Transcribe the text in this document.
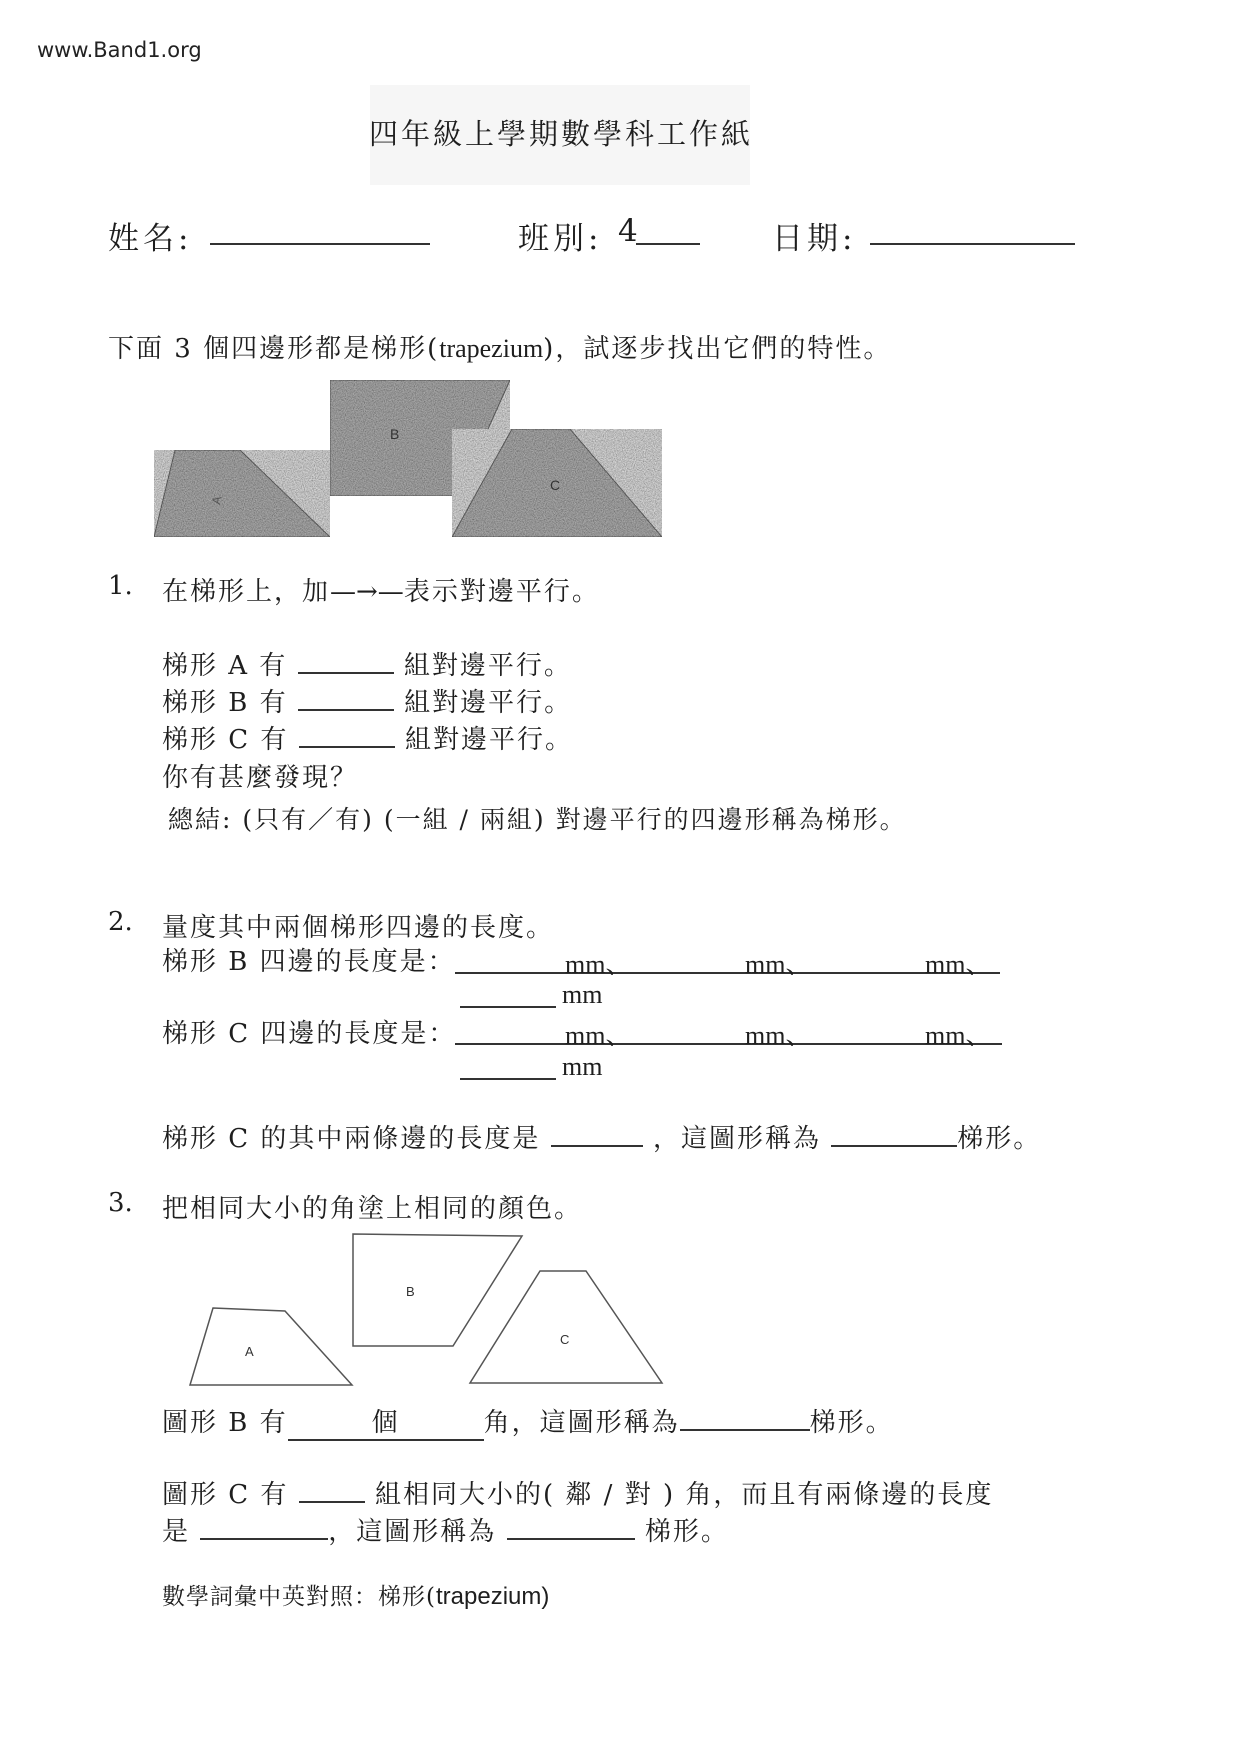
www.Band1.org
四年級上學期數學科工作紙
姓名:	班別: 4	日期:
下面 3 個四邊形都是梯形(trapezium)，試逐步找出它們的特性。
B
C
A
1. 在梯形上，加—→—表示對邊平行。
梯形 A 有	組對邊平行。
梯形 B 有	組對邊平行。
梯形 C 有	組對邊平行。
你有甚麼發現？
總結: (只有／有) (一組 / 兩組) 對邊平行的四邊形稱為梯形。
2. 量度其中兩個梯形四邊的長度。
梯形 B 四邊的長度是：	mm、	mm、	mm、
mm
梯形 C 四邊的長度是：	mm、	mm、	mm、
mm
梯形 C 的其中兩條邊的長度是	，這圖形稱為	梯形。
3. 把相同大小的角塗上相同的顏色。
A
B
C
圖形 B 有	個	角，這圖形稱為	梯形。
圖形 C 有	組相同大小的( 鄰 / 對 ) 角，而且有兩條邊的長度
是	，這圖形稱為	梯形。
數學詞彙中英對照：梯形(trapezium)
